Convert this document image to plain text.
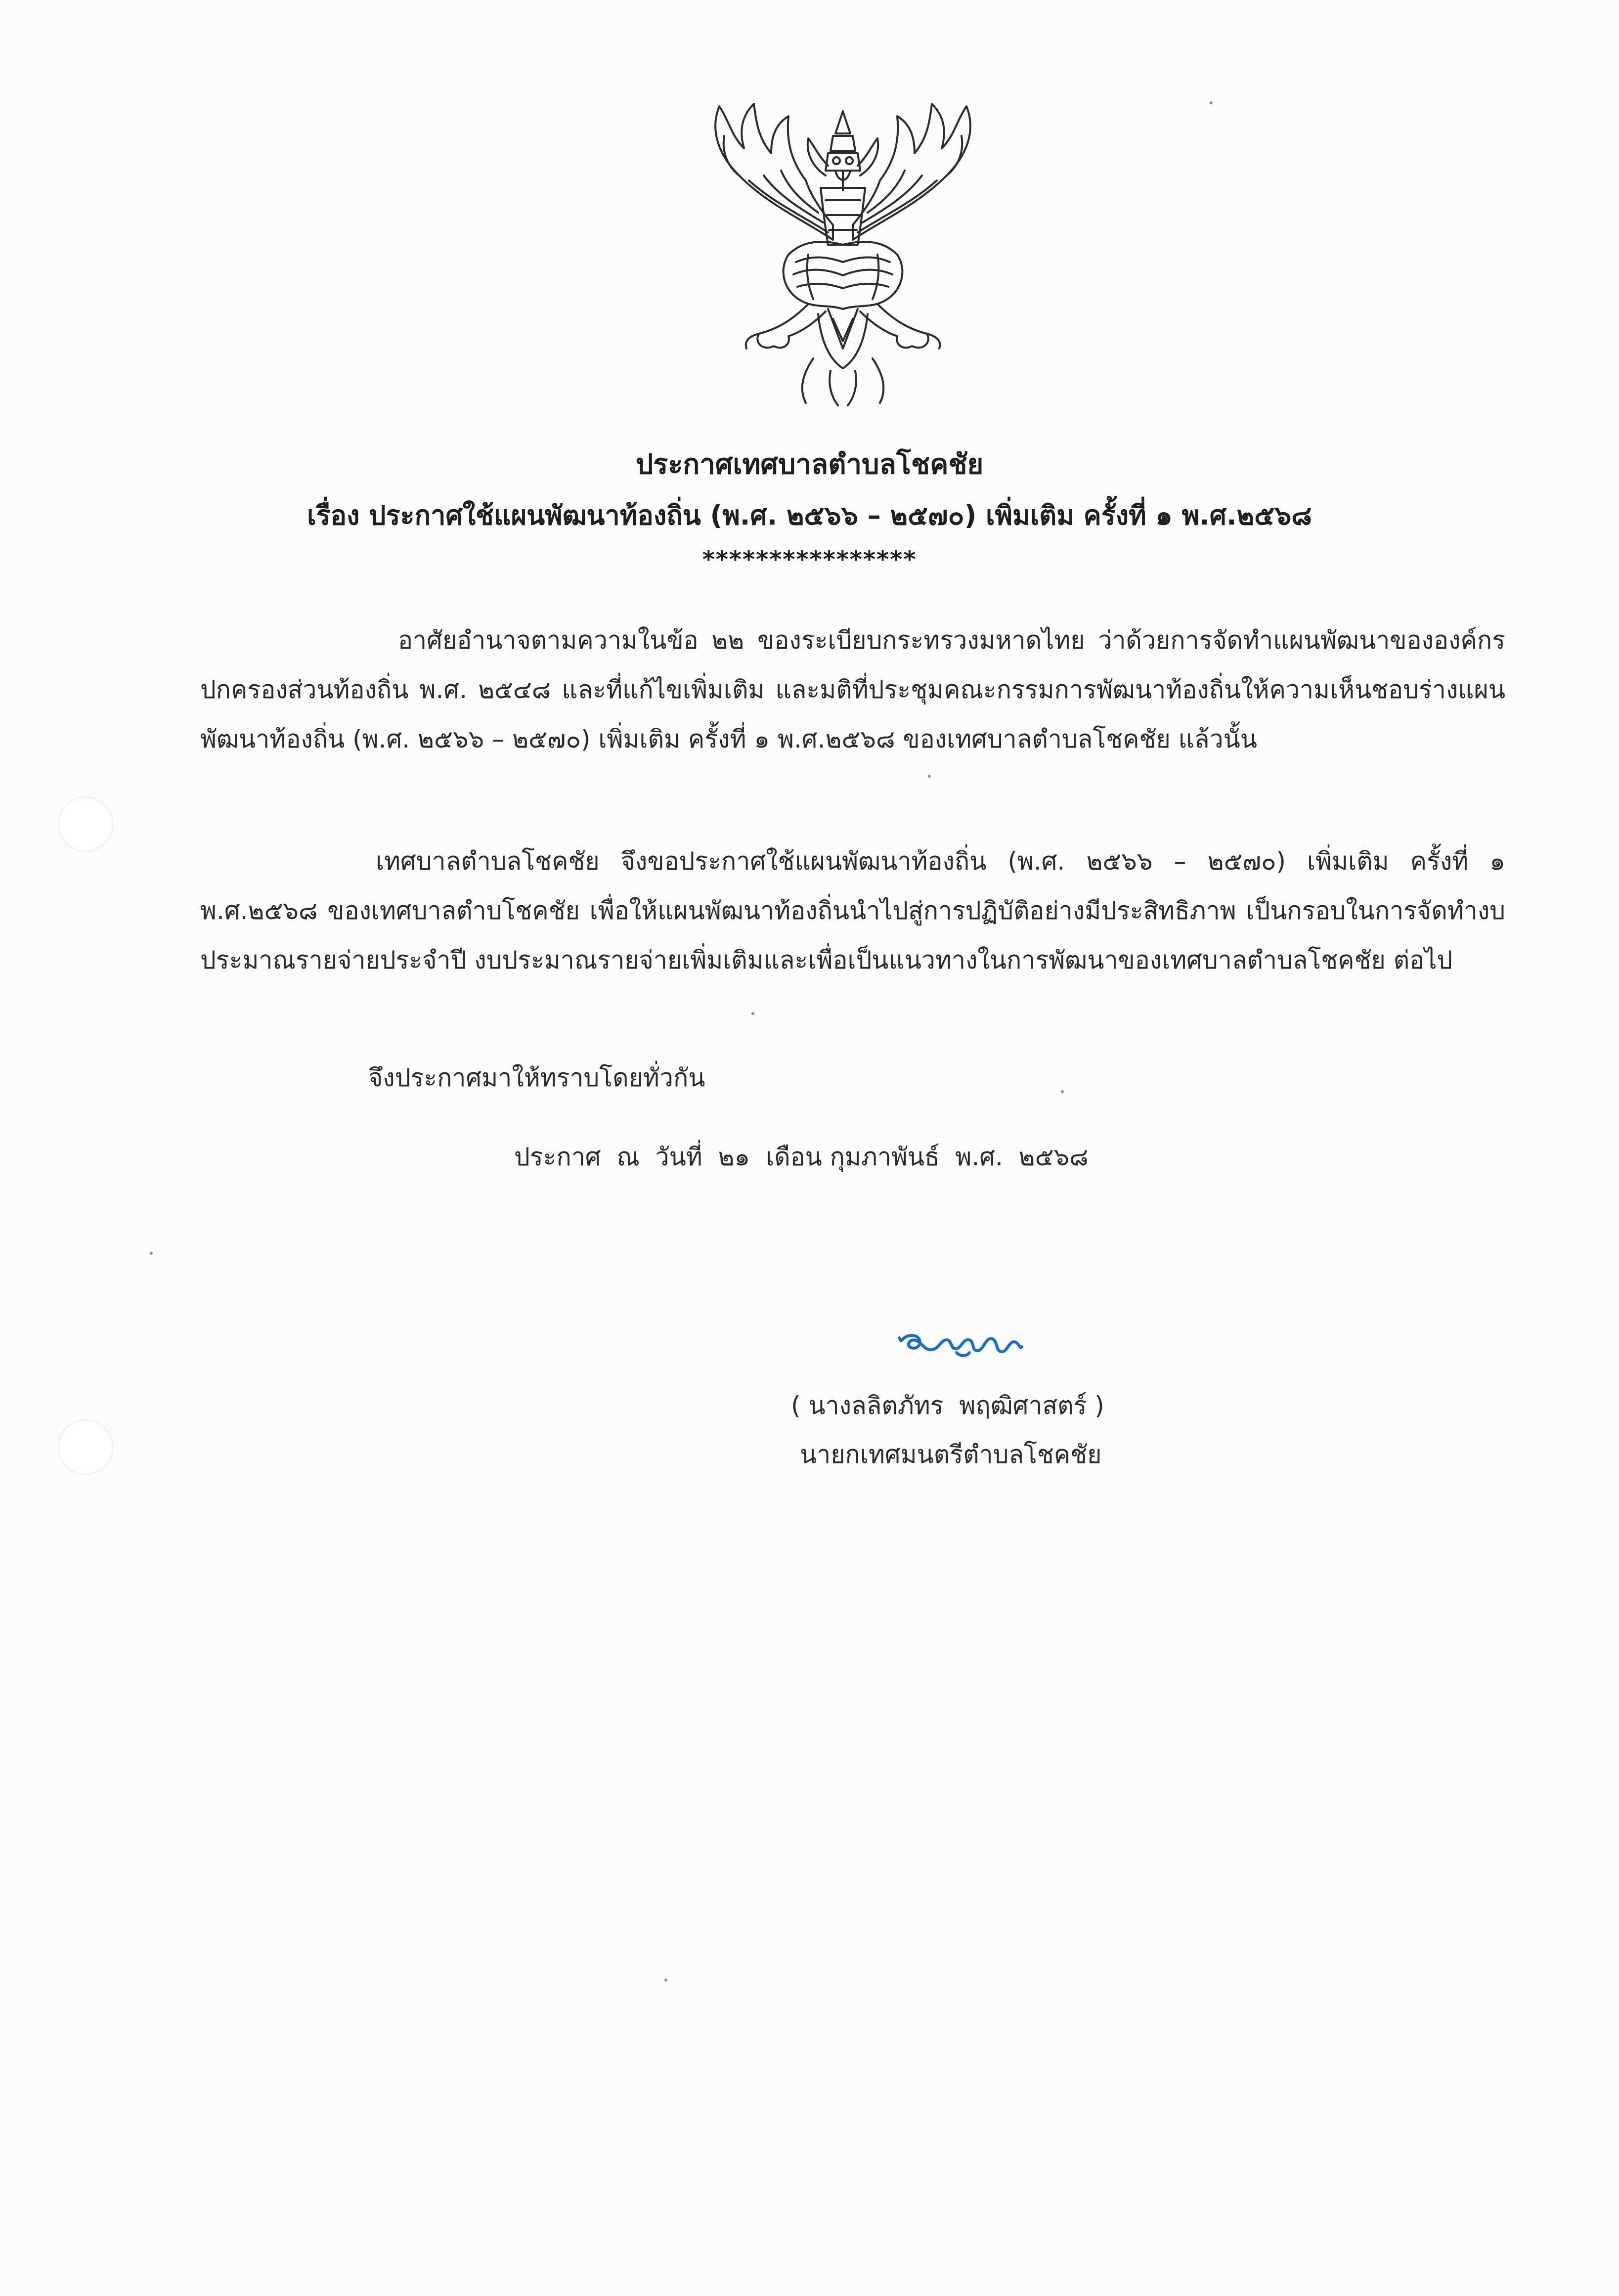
ประกาศเทศบาลตำบลโชคชัย
เรื่อง ประกาศใช้แผนพัฒนาท้องถิ่น (พ.ศ. ๒๕๖๖ – ๒๕๗๐) เพิ่มเติม ครั้งที่ ๑ พ.ศ.๒๕๖๘
****************
อาศัยอำนาจตามความในข้อ ๒๒ ของระเบียบกระทรวงมหาดไทย ว่าด้วยการจัดทำแผนพัฒนาขององค์กรปกครองส่วนท้องถิ่น พ.ศ. ๒๕๔๘ และที่แก้ไขเพิ่มเติม และมติที่ประชุมคณะกรรมการพัฒนาท้องถิ่นให้ความเห็นชอบร่างแผนพัฒนาท้องถิ่น (พ.ศ. ๒๕๖๖ – ๒๕๗๐) เพิ่มเติม ครั้งที่ ๑ พ.ศ.๒๕๖๘ ของเทศบาลตำบลโชคชัย แล้วนั้น
เทศบาลตำบลโชคชัย จึงขอประกาศใช้แผนพัฒนาท้องถิ่น (พ.ศ. ๒๕๖๖ – ๒๕๗๐) เพิ่มเติม ครั้งที่ ๑ พ.ศ.๒๕๖๘ ของเทศบาลตำบโชคชัย เพื่อให้แผนพัฒนาท้องถิ่นนำไปสู่การปฏิบัติอย่างมีประสิทธิภาพ เป็นกรอบในการจัดทำงบประมาณรายจ่ายประจำปี งบประมาณรายจ่ายเพิ่มเติมและเพื่อเป็นแนวทางในการพัฒนาของเทศบาลตำบลโชคชัย ต่อไป
จึงประกาศมาให้ทราบโดยทั่วกัน
ประกาศ  ณ  วันที่  ๒๑  เดือน กุมภาพันธ์  พ.ศ.  ๒๕๖๘
( นางลลิตภัทร  พฤฒิศาสตร์ )
นายกเทศมนตรีตำบลโชคชัย
